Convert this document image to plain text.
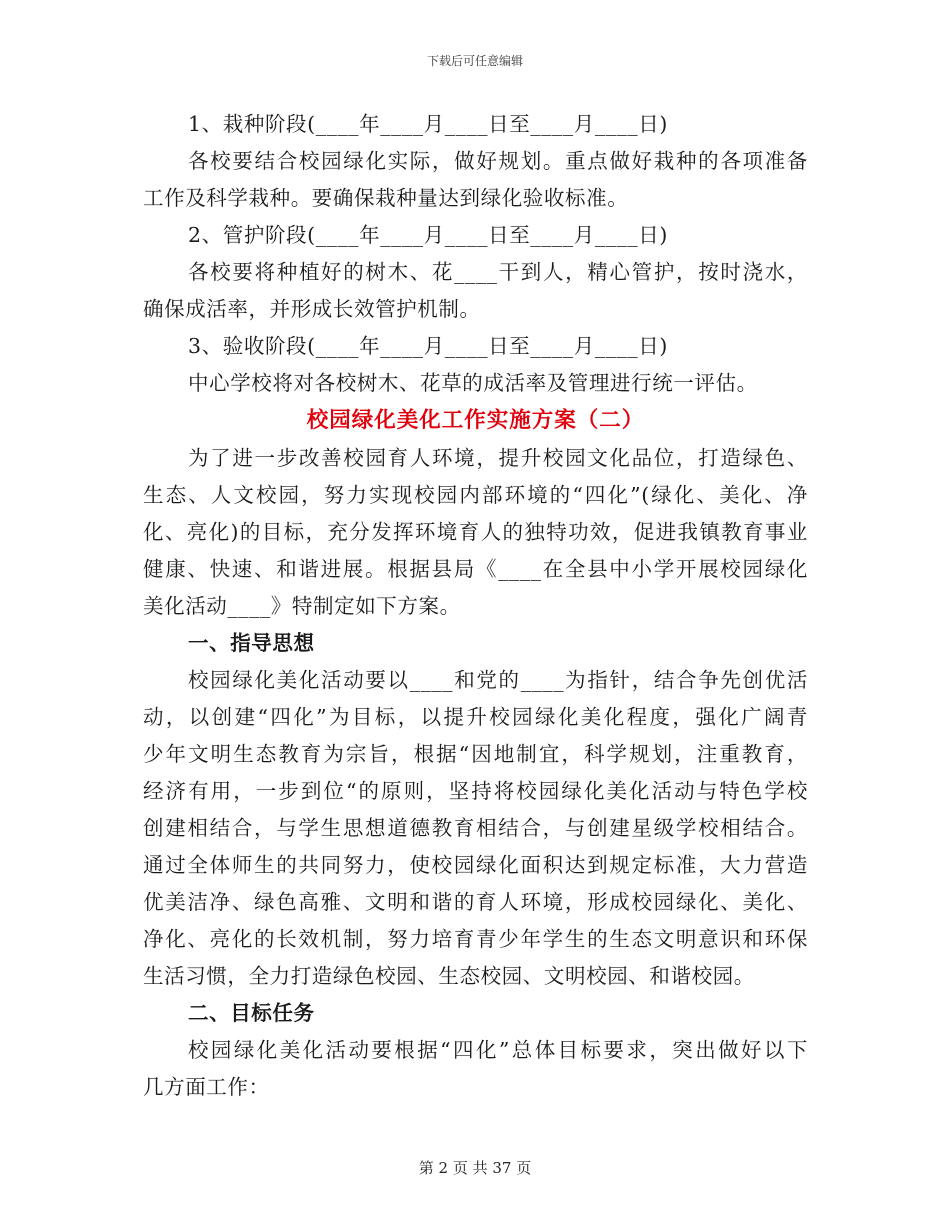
下载后可任意编辑
1、栽种阶段(____年____月____日至____月____日)
各校要结合校园绿化实际，做好规划。重点做好栽种的各项准备
工作及科学栽种。要确保栽种量达到绿化验收标准。
2、管护阶段(____年____月____日至____月____日)
各校要将种植好的树木、花____干到人，精心管护，按时浇水，
确保成活率，并形成长效管护机制。
3、验收阶段(____年____月____日至____月____日)
中心学校将对各校树木、花草的成活率及管理进行统一评估。
校园绿化美化工作实施方案（二）
为了进一步改善校园育人环境，提升校园文化品位，打造绿色、
生态、人文校园，努力实现校园内部环境的“四化”(绿化、美化、净
化、亮化)的目标，充分发挥环境育人的独特功效，促进我镇教育事业
健康、快速、和谐进展。根据县局《____在全县中小学开展校园绿化
美化活动____》特制定如下方案。
一、指导思想
校园绿化美化活动要以____和党的____为指针，结合争先创优活
动，以创建“四化”为目标，以提升校园绿化美化程度，强化广阔青
少年文明生态教育为宗旨，根据“因地制宜，科学规划，注重教育，
经济有用，一步到位“的原则，坚持将校园绿化美化活动与特色学校
创建相结合，与学生思想道德教育相结合，与创建星级学校相结合。
通过全体师生的共同努力，使校园绿化面积达到规定标准，大力营造
优美洁净、绿色高雅、文明和谐的育人环境，形成校园绿化、美化、
净化、亮化的长效机制，努力培育青少年学生的生态文明意识和环保
生活习惯，全力打造绿色校园、生态校园、文明校园、和谐校园。
二、目标任务
校园绿化美化活动要根据“四化”总体目标要求，突出做好以下
几方面工作：
第 2 页 共 37 页
